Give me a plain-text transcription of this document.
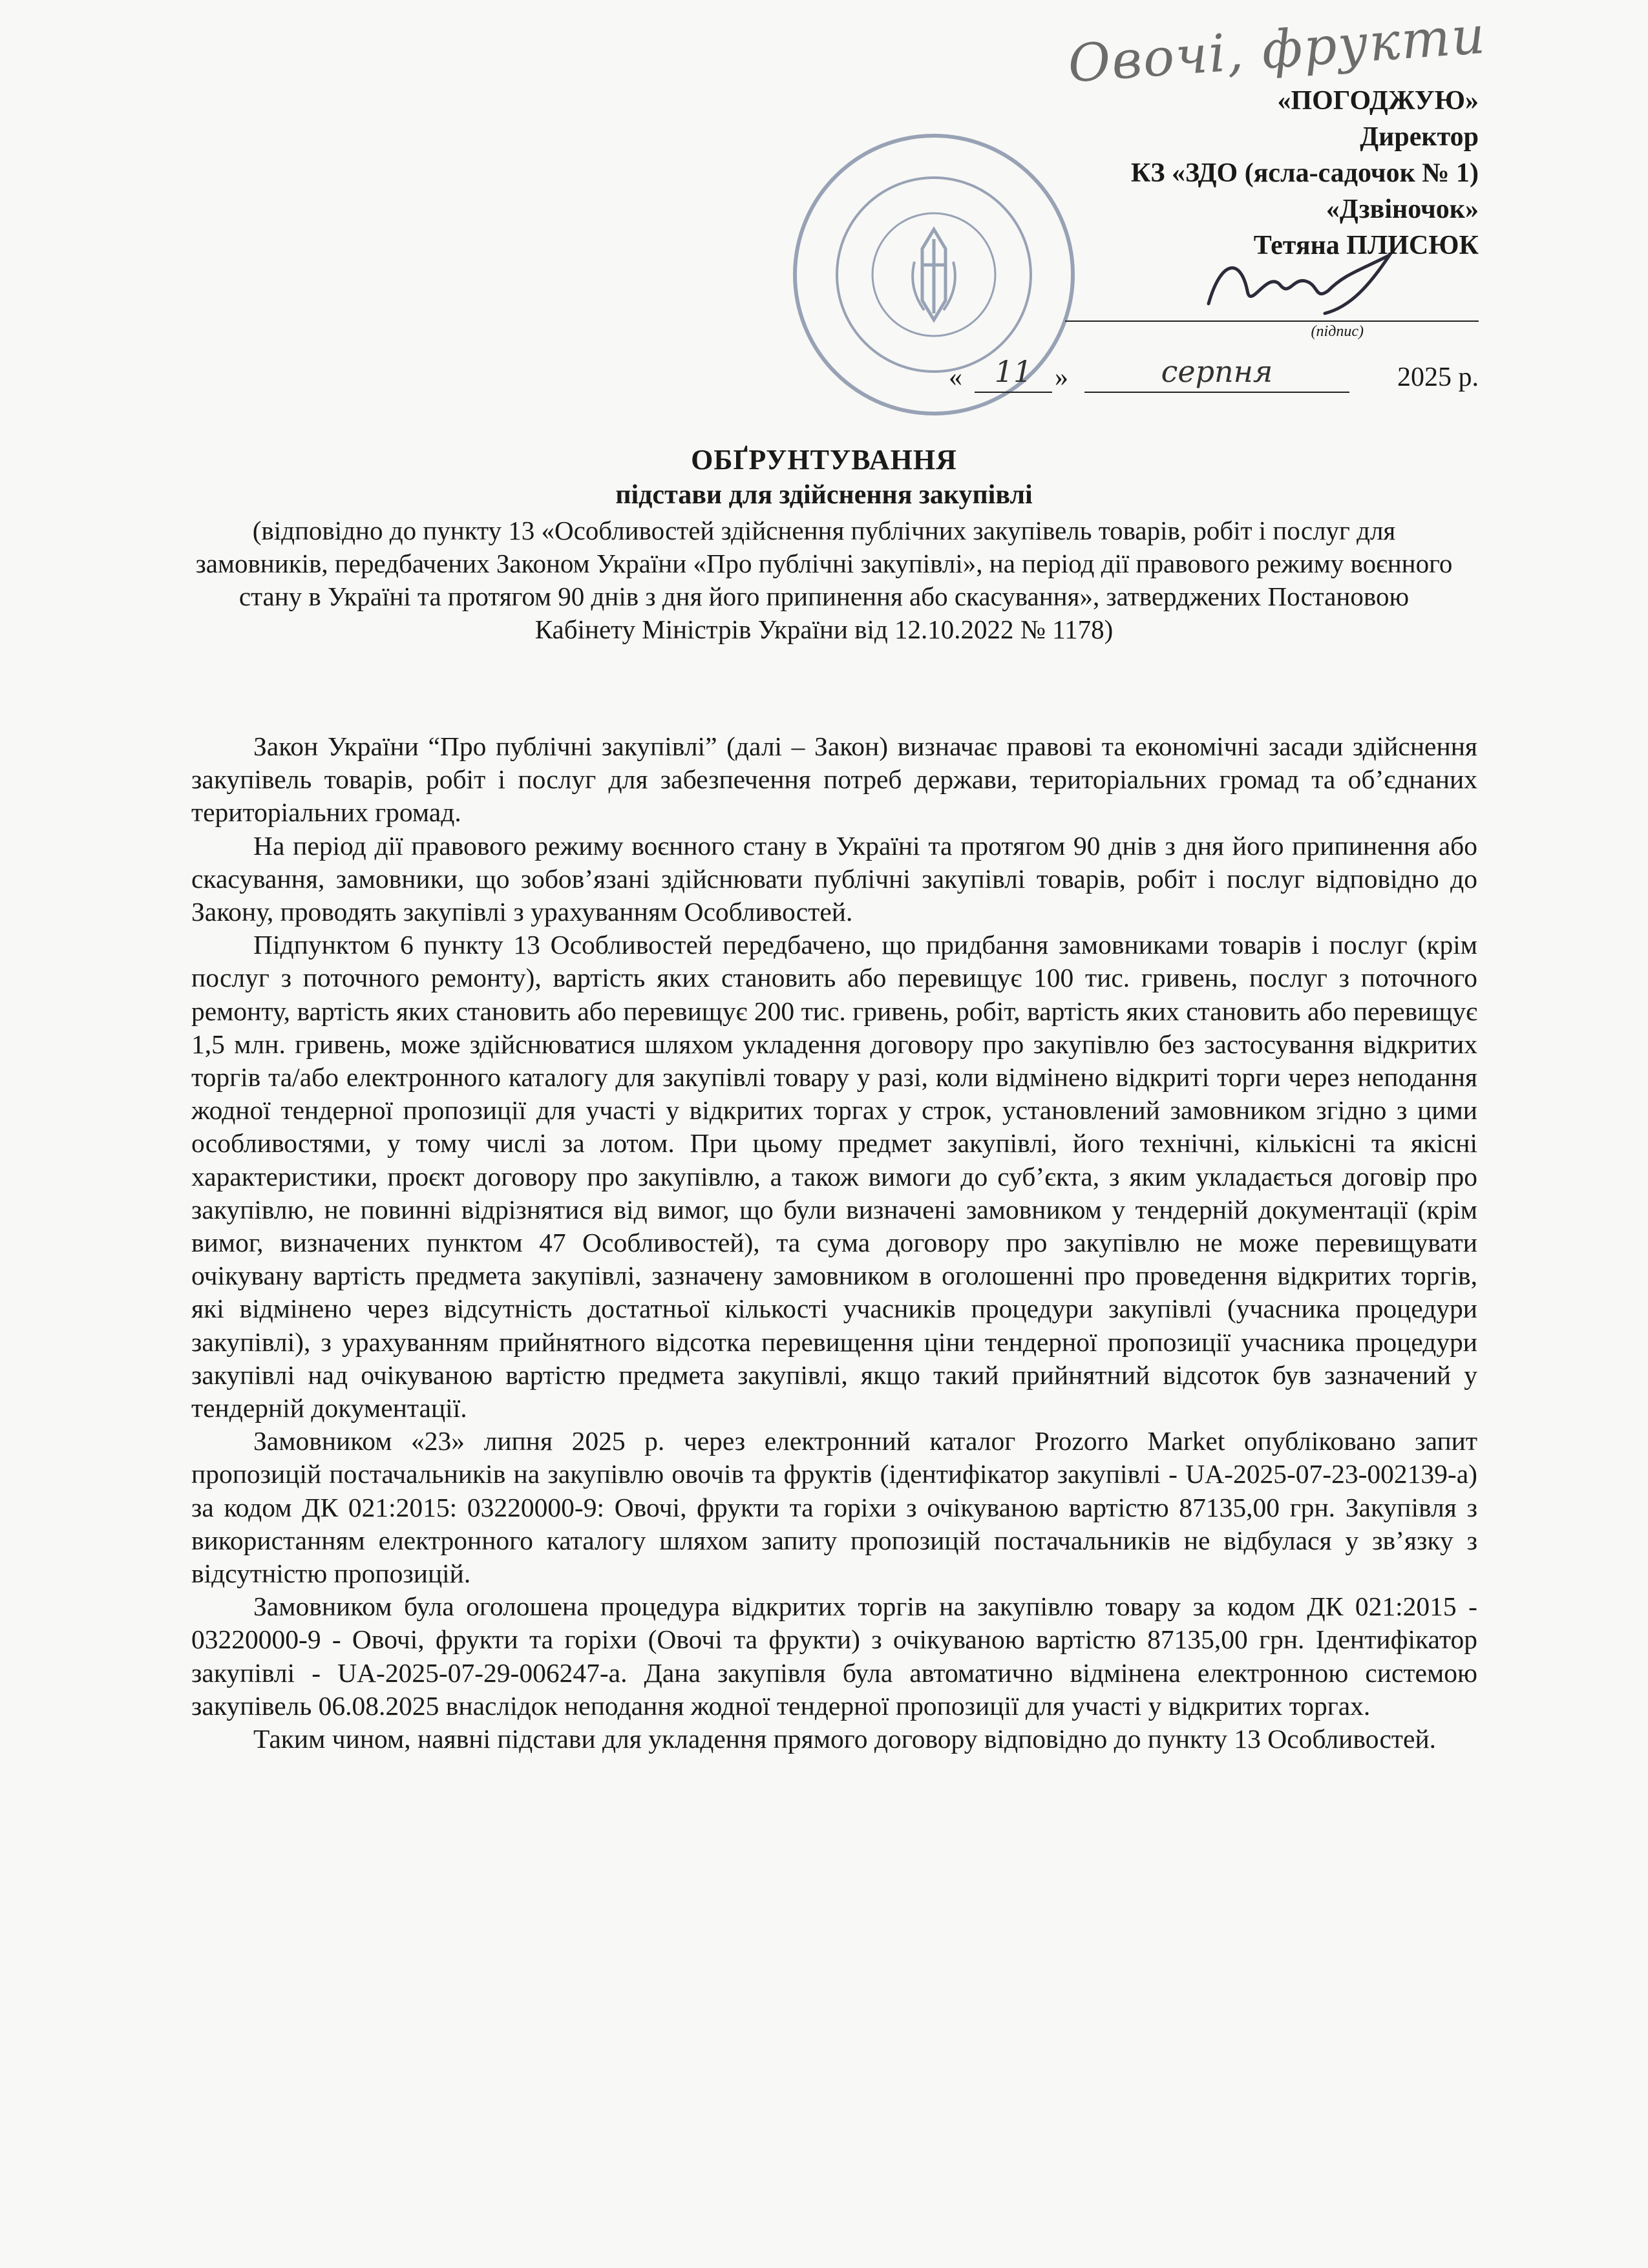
Овочі, фрукти
«ПОГОДЖУЮ»
Директор
КЗ «ЗДО (ясла-садочок № 1)
«Дзвіночок»
Тетяна ПЛИСЮК
(підпис)
«	11 »	серпня	2025 р.
ОБҐРУНТУВАННЯ
підстави для здійснення закупівлі
(відповідно до пункту 13 «Особливостей здійснення публічних закупівель товарів, робіт і послуг для замовників, передбачених Законом України «Про публічні закупівлі», на період дії правового режиму воєнного стану в Україні та протягом 90 днів з дня його припинення або скасування», затверджених Постановою Кабінету Міністрів України від 12.10.2022 № 1178)

Закон України “Про публічні закупівлі” (далі – Закон) визначає правові та економічні засади здійснення закупівель товарів, робіт і послуг для забезпечення потреб держави, територіальних громад та об’єднаних територіальних громад.

На період дії правового режиму воєнного стану в Україні та протягом 90 днів з дня його припинення або скасування, замовники, що зобов’язані здійснювати публічні закупівлі товарів, робіт і послуг відповідно до Закону, проводять закупівлі з урахуванням Особливостей.

Підпунктом 6 пункту 13 Особливостей передбачено, що придбання замовниками товарів і послуг (крім послуг з поточного ремонту), вартість яких становить або перевищує 100 тис. гривень, послуг з поточного ремонту, вартість яких становить або перевищує 200 тис. гривень, робіт, вартість яких становить або перевищує 1,5 млн. гривень, може здійснюватися шляхом укладення договору про закупівлю без застосування відкритих торгів та/або електронного каталогу для закупівлі товару у разі, коли відмінено відкриті торги через неподання жодної тендерної пропозиції для участі у відкритих торгах у строк, установлений замовником згідно з цими особливостями, у тому числі за лотом. При цьому предмет закупівлі, його технічні, кількісні та якісні характеристики, проєкт договору про закупівлю, а також вимоги до суб’єкта, з яким укладається договір про закупівлю, не повинні відрізнятися від вимог, що були визначені замовником у тендерній документації (крім вимог, визначених пунктом 47 Особливостей), та сума договору про закупівлю не може перевищувати очікувану вартість предмета закупівлі, зазначену замовником в оголошенні про проведення відкритих торгів, які відмінено через відсутність достатньої кількості учасників процедури закупівлі (учасника процедури закупівлі), з урахуванням прийнятного відсотка перевищення ціни тендерної пропозиції учасника процедури закупівлі над очікуваною вартістю предмета закупівлі, якщо такий прийнятний відсоток був зазначений у тендерній документації.

Замовником «23» липня 2025 р. через електронний каталог Prozorro Market опубліковано запит пропозицій постачальників на закупівлю овочів та фруктів (ідентифікатор закупівлі - UA-2025-07-23-002139-a) за кодом ДК 021:2015: 03220000-9: Овочі, фрукти та горіхи з очікуваною вартістю 87135,00 грн. Закупівля з використанням електронного каталогу шляхом запиту пропозицій постачальників не відбулася у зв’язку з відсутністю пропозицій.

Замовником була оголошена процедура відкритих торгів на закупівлю товару за кодом ДК 021:2015 - 03220000-9 - Овочі, фрукти та горіхи (Овочі та фрукти) з очікуваною вартістю 87135,00 грн. Ідентифікатор закупівлі - UA-2025-07-29-006247-a. Дана закупівля була автоматично відмінена електронною системою закупівель 06.08.2025 внаслідок неподання жодної тендерної пропозиції для участі у відкритих торгах.

Таким чином, наявні підстави для укладення прямого договору відповідно до пункту 13 Особливостей.
